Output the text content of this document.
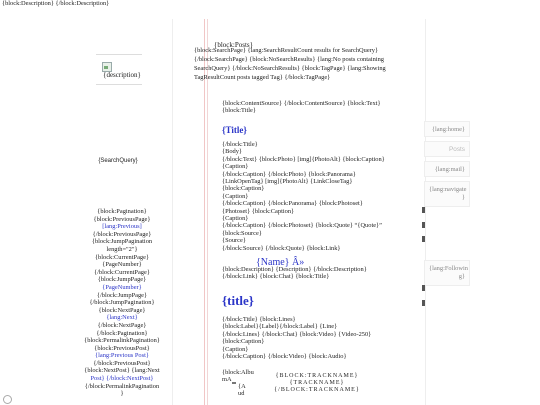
{block:Description} {/block:Description}
{description}
{SearchQuery}
{block:Pagination}
{block:PreviousPage}
[lang:Previous]
{/block:PreviousPage}
{block:JumpPagination
length="2"}
{block:CurrentPage}
{PageNumber}
{/block:CurrentPage}
{block:JumpPage}
{PageNumber}
{/block:JumpPage}
{/block:JumpPagination}
{block:NextPage}
{lang:Next}
{/block:NextPage}
{/block:Pagination}
{block:PermalinkPagination}
{block:PreviousPost}
{lang:Previous Post}
{/block:PreviousPost}
{block:NextPost} {lang:Next
Post} {/block:NextPost}
{/block:PermalinkPagination
}
{block:Posts}
{block:SearchPage} {lang:SearchResultCount results for SearchQuery}
{/block:SearchPage} {block:NoSearchResults} {lang:No posts containing
SearchQuery} {/block:NoSearchResults} {block:TagPage} {lang:Showing
TagResultCount posts tagged Tag} {/block:TagPage}
{block:ContentSource} {/block:ContentSource} {block:Text}
{block:Title}
{Title}
{/block:Title}
{Body}
{/block:Text} {block:Photo} [img]{PhotoAlt} {block:Caption}
{Caption}
{/block:Caption} {/block:Photo} {block:Panorama}
{LinkOpenTag} [img]{PhotoAlt} {LinkCloseTag}
{block:Caption}
{Caption}
{/block:Caption} {/block:Panorama} {block:Photoset}
{Photoset} {block:Caption}
{Caption}
{/block:Caption} {/block:Photoset} {block:Quote} “{Quote}”
{block:Source}
{Source}
{/block:Source} {/block:Quote} {block:Link}
{Name} Â»
{block:Description} {Description} {/block:Description}
{/block:Link} {block:Chat} {block:Title}
{title}
{/block:Title} {block:Lines}
{block:Label}{Label}{/block:Label} {Line}
{/block:Lines} {/block:Chat} {block:Video} {Video-250}
{block:Caption}
{Caption}
{/block:Caption} {/block:Video} {block:Audio}
{block:Albu
mA
{A
ud
{BLOCK:TRACKNAME}
{TRACKNAME}
{/BLOCK:TRACKNAME}
{lang:home}
Posts
{lang:mail}
{lang:navigate
}
{lang:Followin
g}
